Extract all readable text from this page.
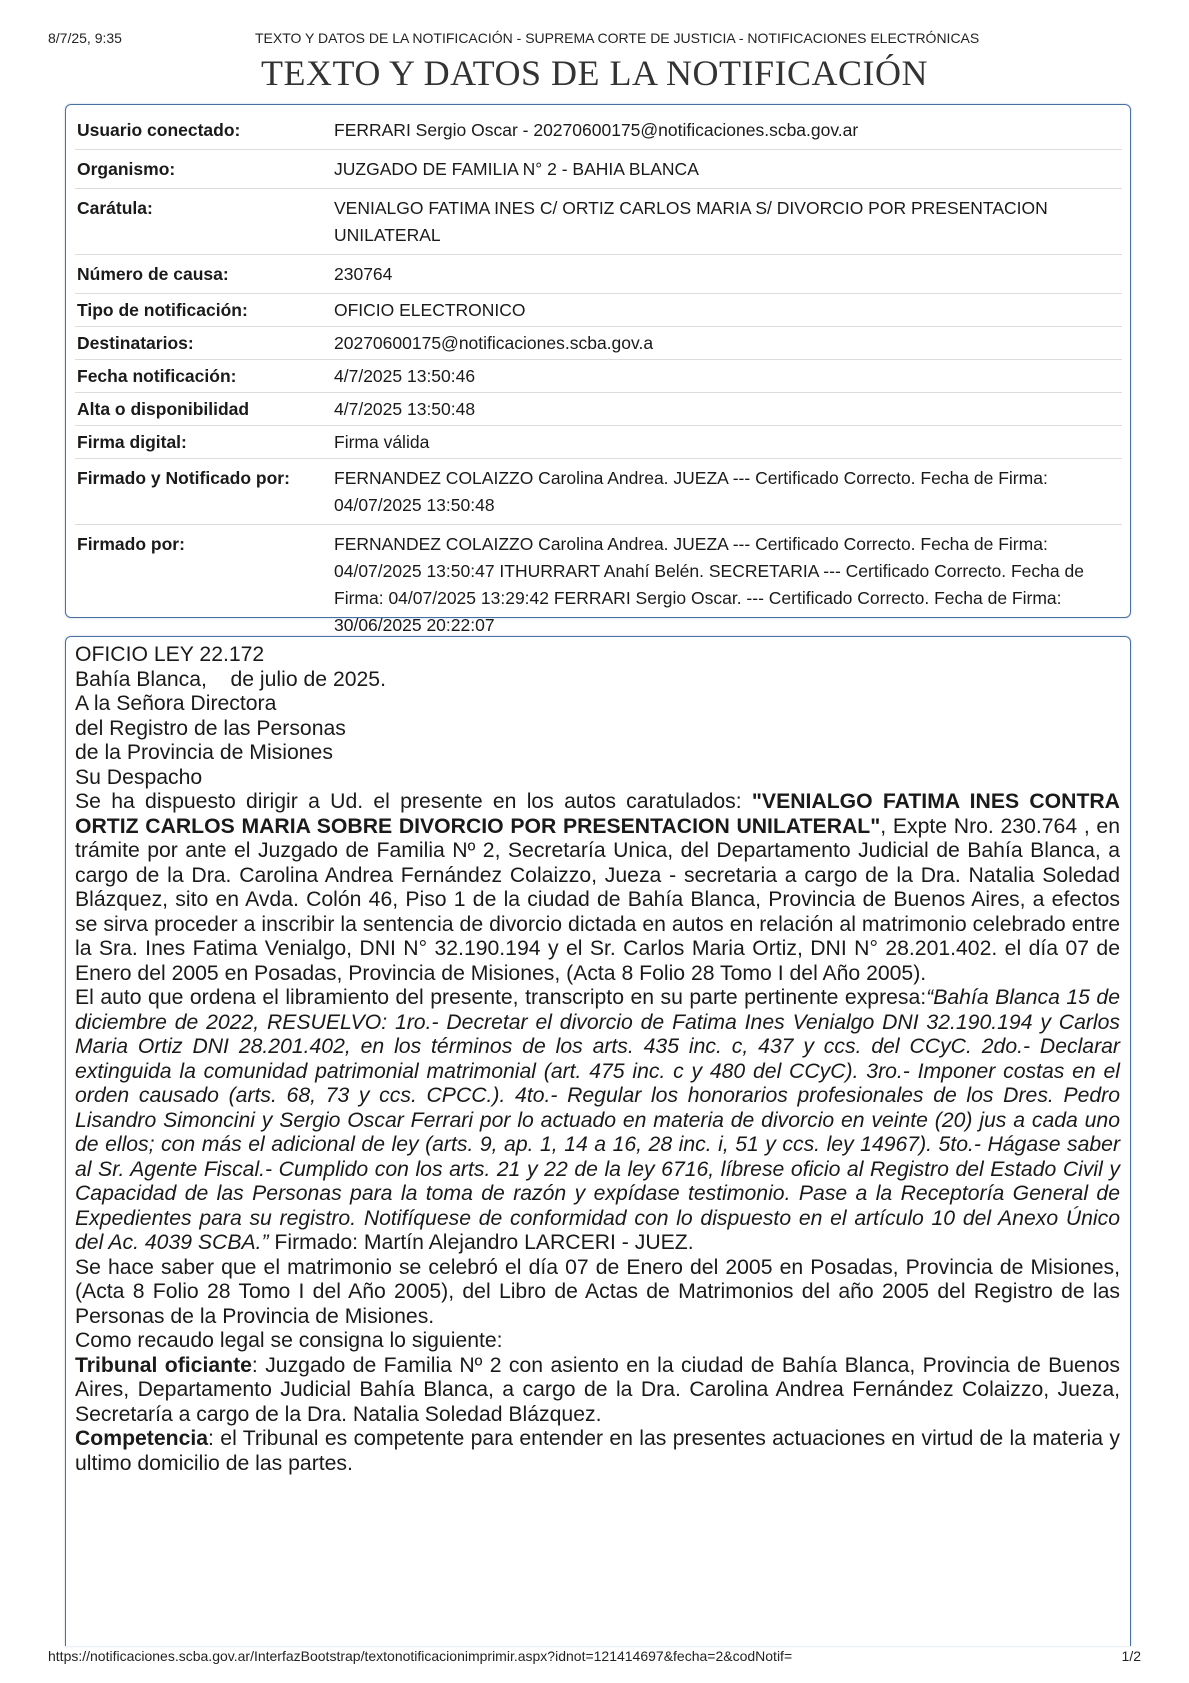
8/7/25, 9:35	TEXTO Y DATOS DE LA NOTIFICACIÓN - SUPREMA CORTE DE JUSTICIA - NOTIFICACIONES ELECTRÓNICAS
TEXTO Y DATOS DE LA NOTIFICACIÓN
Usuario conectado:	FERRARI Sergio Oscar - 20270600175@notificaciones.scba.gov.ar
Organismo:	JUZGADO DE FAMILIA N° 2 - BAHIA BLANCA
Carátula:	VENIALGO FATIMA INES C/ ORTIZ CARLOS MARIA S/ DIVORCIO POR PRESENTACION UNILATERAL
Número de causa:	230764
Tipo de notificación:	OFICIO ELECTRONICO
Destinatarios:	20270600175@notificaciones.scba.gov.a
Fecha notificación:	4/7/2025 13:50:46
Alta o disponibilidad	4/7/2025 13:50:48
Firma digital:	Firma válida
Firmado y Notificado por:	FERNANDEZ COLAIZZO Carolina Andrea. JUEZA --- Certificado Correcto. Fecha de Firma: 04/07/2025 13:50:48
Firmado por:	FERNANDEZ COLAIZZO Carolina Andrea. JUEZA --- Certificado Correcto. Fecha de Firma: 04/07/2025 13:50:47 ITHURRART Anahí Belén. SECRETARIA --- Certificado Correcto. Fecha de Firma: 04/07/2025 13:29:42 FERRARI Sergio Oscar. --- Certificado Correcto. Fecha de Firma: 30/06/2025 20:22:07

OFICIO LEY 22.172

Bahía Blanca,    de julio de 2025.

A la Señora Directora

del Registro de las Personas

de la Provincia de Misiones

Su Despacho

Se ha dispuesto dirigir a Ud. el presente en los autos caratulados: "VENIALGO FATIMA INES CONTRA ORTIZ CARLOS MARIA SOBRE DIVORCIO POR PRESENTACION UNILATERAL", Expte Nro. 230.764 , en trámite por ante el Juzgado de Familia Nº 2, Secretaría Unica, del Departamento Judicial de Bahía Blanca, a cargo de la Dra. Carolina Andrea Fernández Colaizzo, Jueza - secretaria a cargo de la Dra. Natalia Soledad Blázquez, sito en Avda. Colón 46, Piso 1 de la ciudad de Bahía Blanca, Provincia de Buenos Aires, a efectos se sirva proceder a inscribir la sentencia de divorcio dictada en autos en relación al matrimonio celebrado entre la Sra. Ines Fatima Venialgo, DNI N° 32.190.194 y el Sr. Carlos Maria Ortiz, DNI N° 28.201.402. el día 07 de Enero del 2005 en Posadas, Provincia de Misiones, (Acta 8 Folio 28 Tomo I del Año 2005).

El auto que ordena el libramiento del presente, transcripto en su parte pertinente expresa:“Bahía Blanca 15 de diciembre de 2022, RESUELVO: 1ro.- Decretar el divorcio de Fatima Ines Venialgo DNI 32.190.194 y Carlos Maria Ortiz DNI 28.201.402, en los términos de los arts. 435 inc. c, 437 y ccs. del CCyC. 2do.- Declarar extinguida la comunidad patrimonial matrimonial (art. 475 inc. c y 480 del CCyC). 3ro.- Imponer costas en el orden causado (arts. 68, 73 y ccs. CPCC.). 4to.- Regular los honorarios profesionales de los Dres. Pedro Lisandro Simoncini y Sergio Oscar Ferrari por lo actuado en materia de divorcio en veinte (20) jus a cada uno de ellos; con más el adicional de ley (arts. 9, ap. 1, 14 a 16, 28 inc. i, 51 y ccs. ley 14967). 5to.- Hágase saber al Sr. Agente Fiscal.- Cumplido con los arts. 21 y 22 de la ley 6716, líbrese oficio al Registro del Estado Civil y Capacidad de las Personas para la toma de razón y expídase testimonio. Pase a la Receptoría General de Expedientes para su registro. Notifíquese de conformidad con lo dispuesto en el artículo 10 del Anexo Único del Ac. 4039 SCBA.” Firmado: Martín Alejandro LARCERI - JUEZ.

Se hace saber que el matrimonio se celebró el día 07 de Enero del 2005 en Posadas, Provincia de Misiones, (Acta 8 Folio 28 Tomo I del Año 2005), del Libro de Actas de Matrimonios del año 2005 del Registro de las Personas de la Provincia de Misiones.

Como recaudo legal se consigna lo siguiente:

Tribunal oficiante: Juzgado de Familia Nº 2 con asiento en la ciudad de Bahía Blanca, Provincia de Buenos Aires, Departamento Judicial Bahía Blanca, a cargo de la Dra. Carolina Andrea Fernández Colaizzo, Jueza, Secretaría a cargo de la Dra. Natalia Soledad Blázquez.

Competencia: el Tribunal es competente para entender en las presentes actuaciones en virtud de la materia y ultimo domicilio de las partes.

https://notificaciones.scba.gov.ar/InterfazBootstrap/textonotificacionimprimir.aspx?idnot=121414697&fecha=2&codNotif=	1/2
